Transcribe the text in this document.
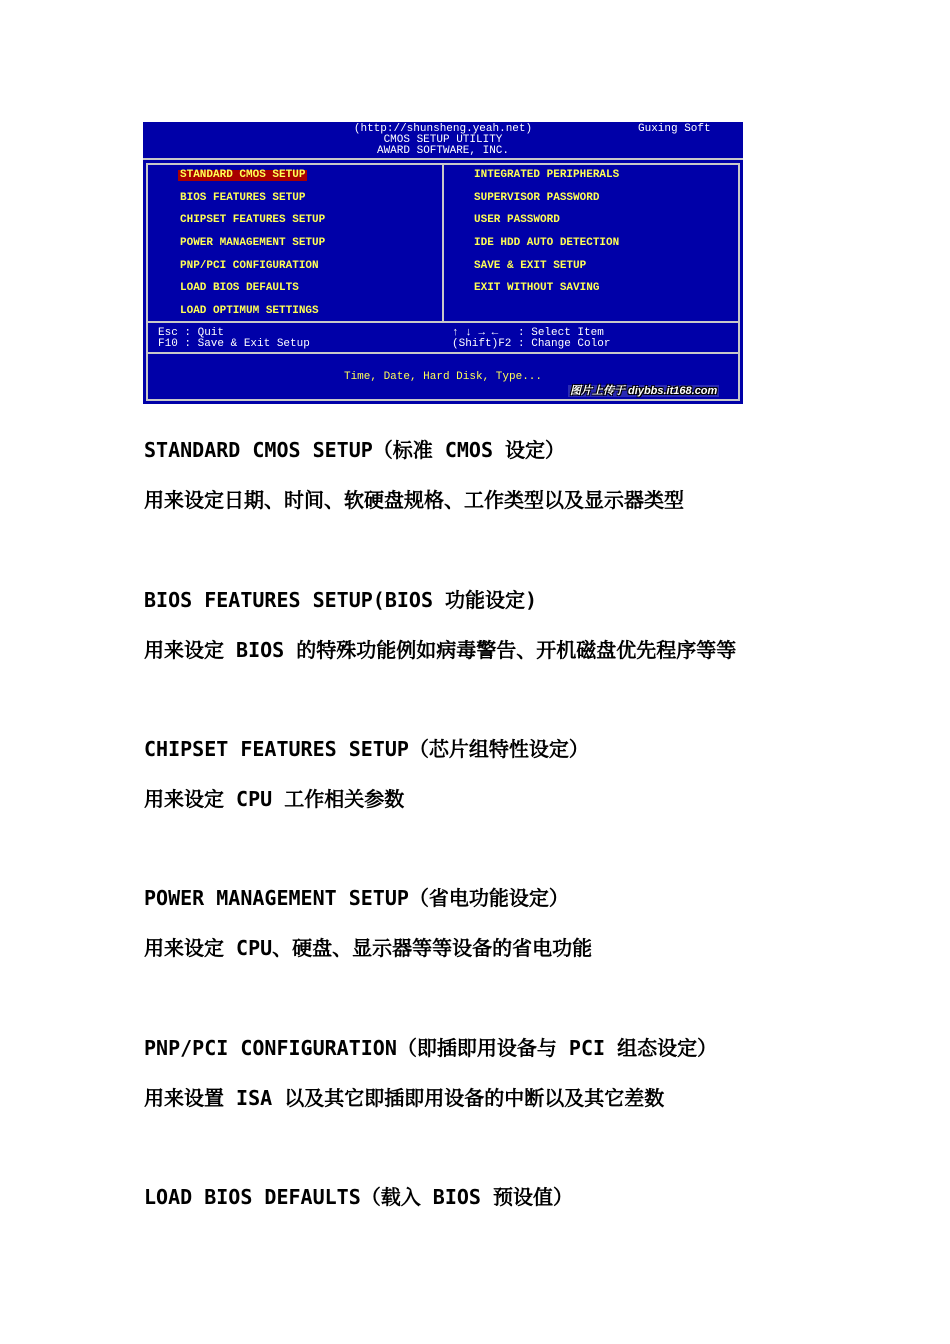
(http://shunsheng.yeah.net)	Guxing Soft
CMOS SETUP UTILITY
AWARD SOFTWARE, INC.
STANDARD CMOS SETUP
BIOS FEATURES SETUP
CHIPSET FEATURES SETUP
POWER MANAGEMENT SETUP
PNP/PCI CONFIGURATION
LOAD BIOS DEFAULTS
LOAD OPTIMUM SETTINGS
INTEGRATED PERIPHERALS
SUPERVISOR PASSWORD
USER PASSWORD
IDE HDD AUTO DETECTION
SAVE & EXIT SETUP
EXIT WITHOUT SAVING
Esc : Quit
F10 : Save & Exit Setup
↑ ↓ → ←   : Select Item
(Shift)F2 : Change Color
Time, Date, Hard Disk, Type...
图片上传于 diybbs.it168.com
STANDARD CMOS SETUP（标准 CMOS 设定）
用来设定日期、时间、软硬盘规格、工作类型以及显示器类型
BIOS FEATURES SETUP(BIOS 功能设定)
用来设定 BIOS 的特殊功能例如病毒警告、开机磁盘优先程序等等
CHIPSET FEATURES SETUP（芯片组特性设定）
用来设定 CPU 工作相关参数
POWER MANAGEMENT SETUP（省电功能设定）
用来设定 CPU、硬盘、显示器等等设备的省电功能
PNP/PCI CONFIGURATION（即插即用设备与 PCI 组态设定）
用来设置 ISA 以及其它即插即用设备的中断以及其它差数
LOAD BIOS DEFAULTS（载入 BIOS 预设值）
